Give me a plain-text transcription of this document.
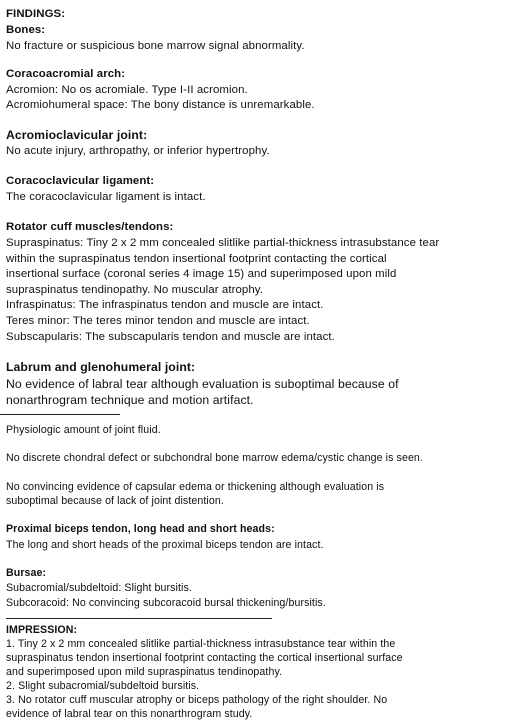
FINDINGS:
Bones:
No fracture or suspicious bone marrow signal abnormality.
Coracoacromial arch:
Acromion: No os acromiale. Type I-II acromion.
Acromiohumeral space: The bony distance is unremarkable.
Acromioclavicular joint:
No acute injury, arthropathy, or inferior hypertrophy.
Coracoclavicular ligament:
The coracoclavicular ligament is intact.
Rotator cuff muscles/tendons:
Supraspinatus: Tiny 2 x 2 mm concealed slitlike partial-thickness intrasubstance tear
within the supraspinatus tendon insertional footprint contacting the cortical
insertional surface (coronal series 4 image 15) and superimposed upon mild
supraspinatus tendinopathy. No muscular atrophy.
Infraspinatus: The infraspinatus tendon and muscle are intact.
Teres minor: The teres minor tendon and muscle are intact.
Subscapularis: The subscapularis tendon and muscle are intact.
Labrum and glenohumeral joint:
No evidence of labral tear although evaluation is suboptimal because of
nonarthrogram technique and motion artifact.
Physiologic amount of joint fluid.
No discrete chondral defect or subchondral bone marrow edema/cystic change is seen.
No convincing evidence of capsular edema or thickening although evaluation is
suboptimal because of lack of joint distention.
Proximal biceps tendon, long head and short heads:
The long and short heads of the proximal biceps tendon are intact.
Bursae:
Subacromial/subdeltoid: Slight bursitis.
Subcoracoid: No convincing subcoracoid bursal thickening/bursitis.
IMPRESSION:
1. Tiny 2 x 2 mm concealed slitlike partial-thickness intrasubstance tear within the
supraspinatus tendon insertional footprint contacting the cortical insertional surface
and superimposed upon mild supraspinatus tendinopathy.
2. Slight subacromial/subdeltoid bursitis.
3. No rotator cuff muscular atrophy or biceps pathology of the right shoulder. No
evidence of labral tear on this nonarthrogram study.
